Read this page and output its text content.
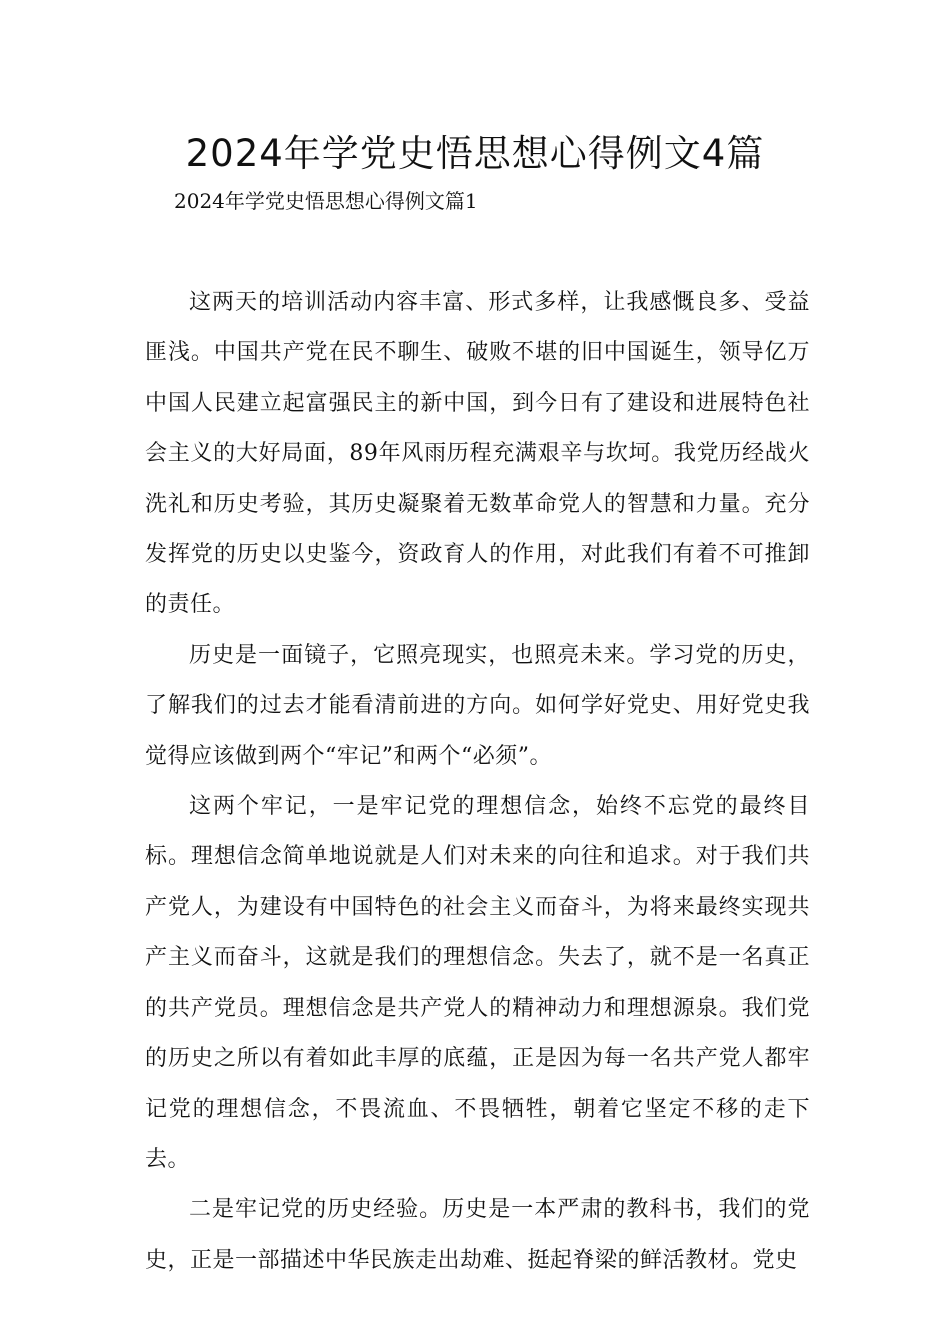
2024年学党史悟思想心得例文4篇
2024年学党史悟思想心得例文篇1

这两天的培训活动内容丰富、形式多样，让我感慨良多、受益匪浅。中国共产党在民不聊生、破败不堪的旧中国诞生，领导亿万中国人民建立起富强民主的新中国，到今日有了建设和进展特色社会主义的大好局面，89年风雨历程充满艰辛与坎坷。我党历经战火洗礼和历史考验，其历史凝聚着无数革命党人的智慧和力量。充分发挥党的历史以史鉴今，资政育人的作用，对此我们有着不可推卸的责任。

历史是一面镜子，它照亮现实，也照亮未来。学习党的历史，了解我们的过去才能看清前进的方向。如何学好党史、用好党史我觉得应该做到两个“牢记”和两个“必须”。

这两个牢记，一是牢记党的理想信念，始终不忘党的最终目标。理想信念简单地说就是人们对未来的向往和追求。对于我们共产党人，为建设有中国特色的社会主义而奋斗，为将来最终实现共产主义而奋斗，这就是我们的理想信念。失去了，就不是一名真正的共产党员。理想信念是共产党人的精神动力和理想源泉。我们党的历史之所以有着如此丰厚的底蕴，正是因为每一名共产党人都牢记党的理想信念，不畏流血、不畏牺牲，朝着它坚定不移的走下去。

二是牢记党的历史经验。历史是一本严肃的教科书，我们的党史，正是一部描述中华民族走出劫难、挺起脊梁的鲜活教材。党史
